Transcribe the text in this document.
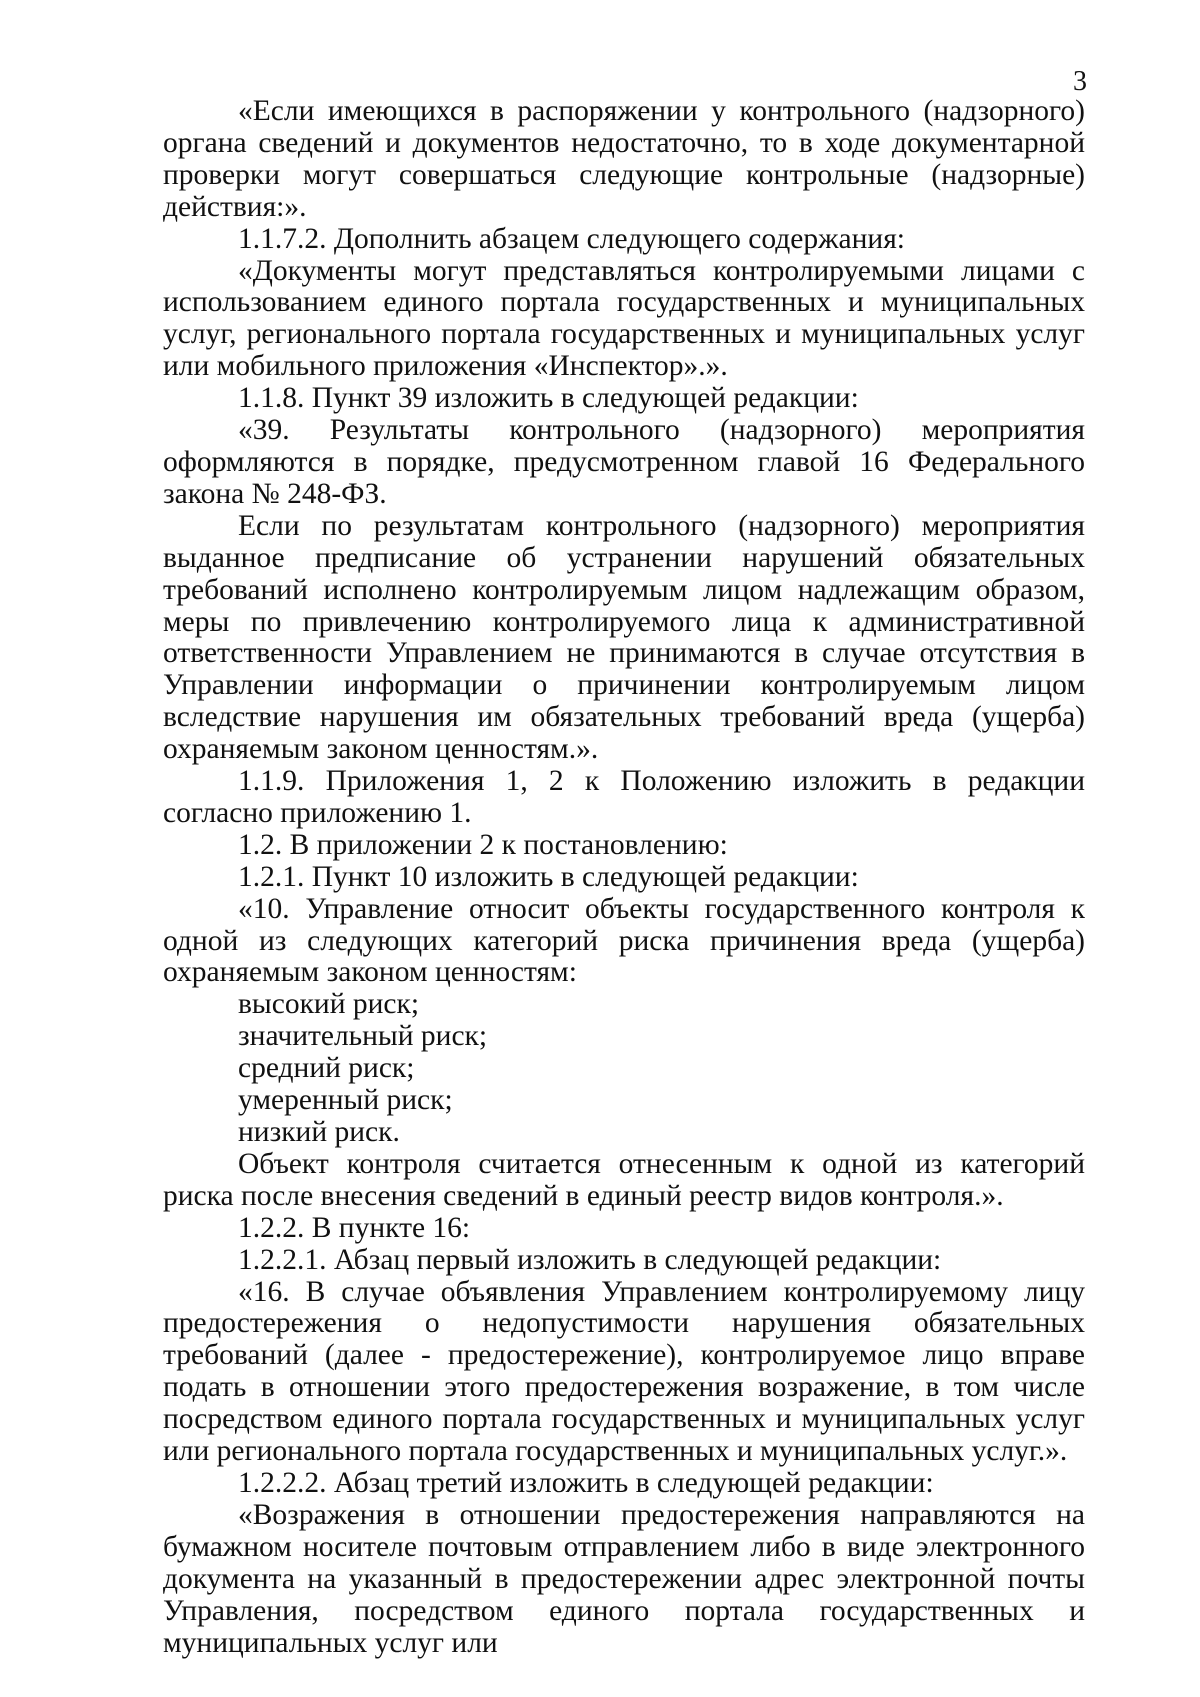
3

«Если имеющихся в распоряжении у контрольного (надзорного) органа сведений и документов недостаточно, то в ходе документарной проверки могут совершаться следующие контрольные (надзорные) действия:».

1.1.7.2. Дополнить абзацем следующего содержания:

«Документы могут представляться контролируемыми лицами с использованием единого портала государственных и муниципальных услуг, регионального портала государственных и муниципальных услуг или мобильного приложения «Инспектор».».

1.1.8. Пункт 39 изложить в следующей редакции:

«39. Результаты контрольного (надзорного) мероприятия оформляются в порядке, предусмотренном главой 16 Федерального закона № 248-ФЗ.

Если по результатам контрольного (надзорного) мероприятия выданное предписание об устранении нарушений обязательных требований исполнено контролируемым лицом надлежащим образом, меры по привлечению контролируемого лица к административной ответственности Управлением не принимаются в случае отсутствия в Управлении информации о причинении контролируемым лицом вследствие нарушения им обязательных требований вреда (ущерба) охраняемым законом ценностям.».

1.1.9. Приложения 1, 2 к Положению изложить в редакции согласно приложению 1.

1.2. В приложении 2 к постановлению:

1.2.1. Пункт 10 изложить в следующей редакции:

«10. Управление относит объекты государственного контроля к одной из следующих категорий риска причинения вреда (ущерба) охраняемым законом ценностям:

высокий риск;

значительный риск;

средний риск;

умеренный риск;

низкий риск.

Объект контроля считается отнесенным к одной из категорий риска после внесения сведений в единый реестр видов контроля.».

1.2.2. В пункте 16:

1.2.2.1. Абзац первый изложить в следующей редакции:

«16. В случае объявления Управлением контролируемому лицу предостережения о недопустимости нарушения обязательных требований (далее - предостережение), контролируемое лицо вправе подать в отношении этого предостережения возражение, в том числе посредством единого портала государственных и муниципальных услуг или регионального портала государственных и муниципальных услуг.».

1.2.2.2. Абзац третий изложить в следующей редакции:

«Возражения в отношении предостережения направляются на бумажном носителе почтовым отправлением либо в виде электронного документа на указанный в предостережении адрес электронной почты Управления, посредством единого портала государственных и муниципальных услуг или
